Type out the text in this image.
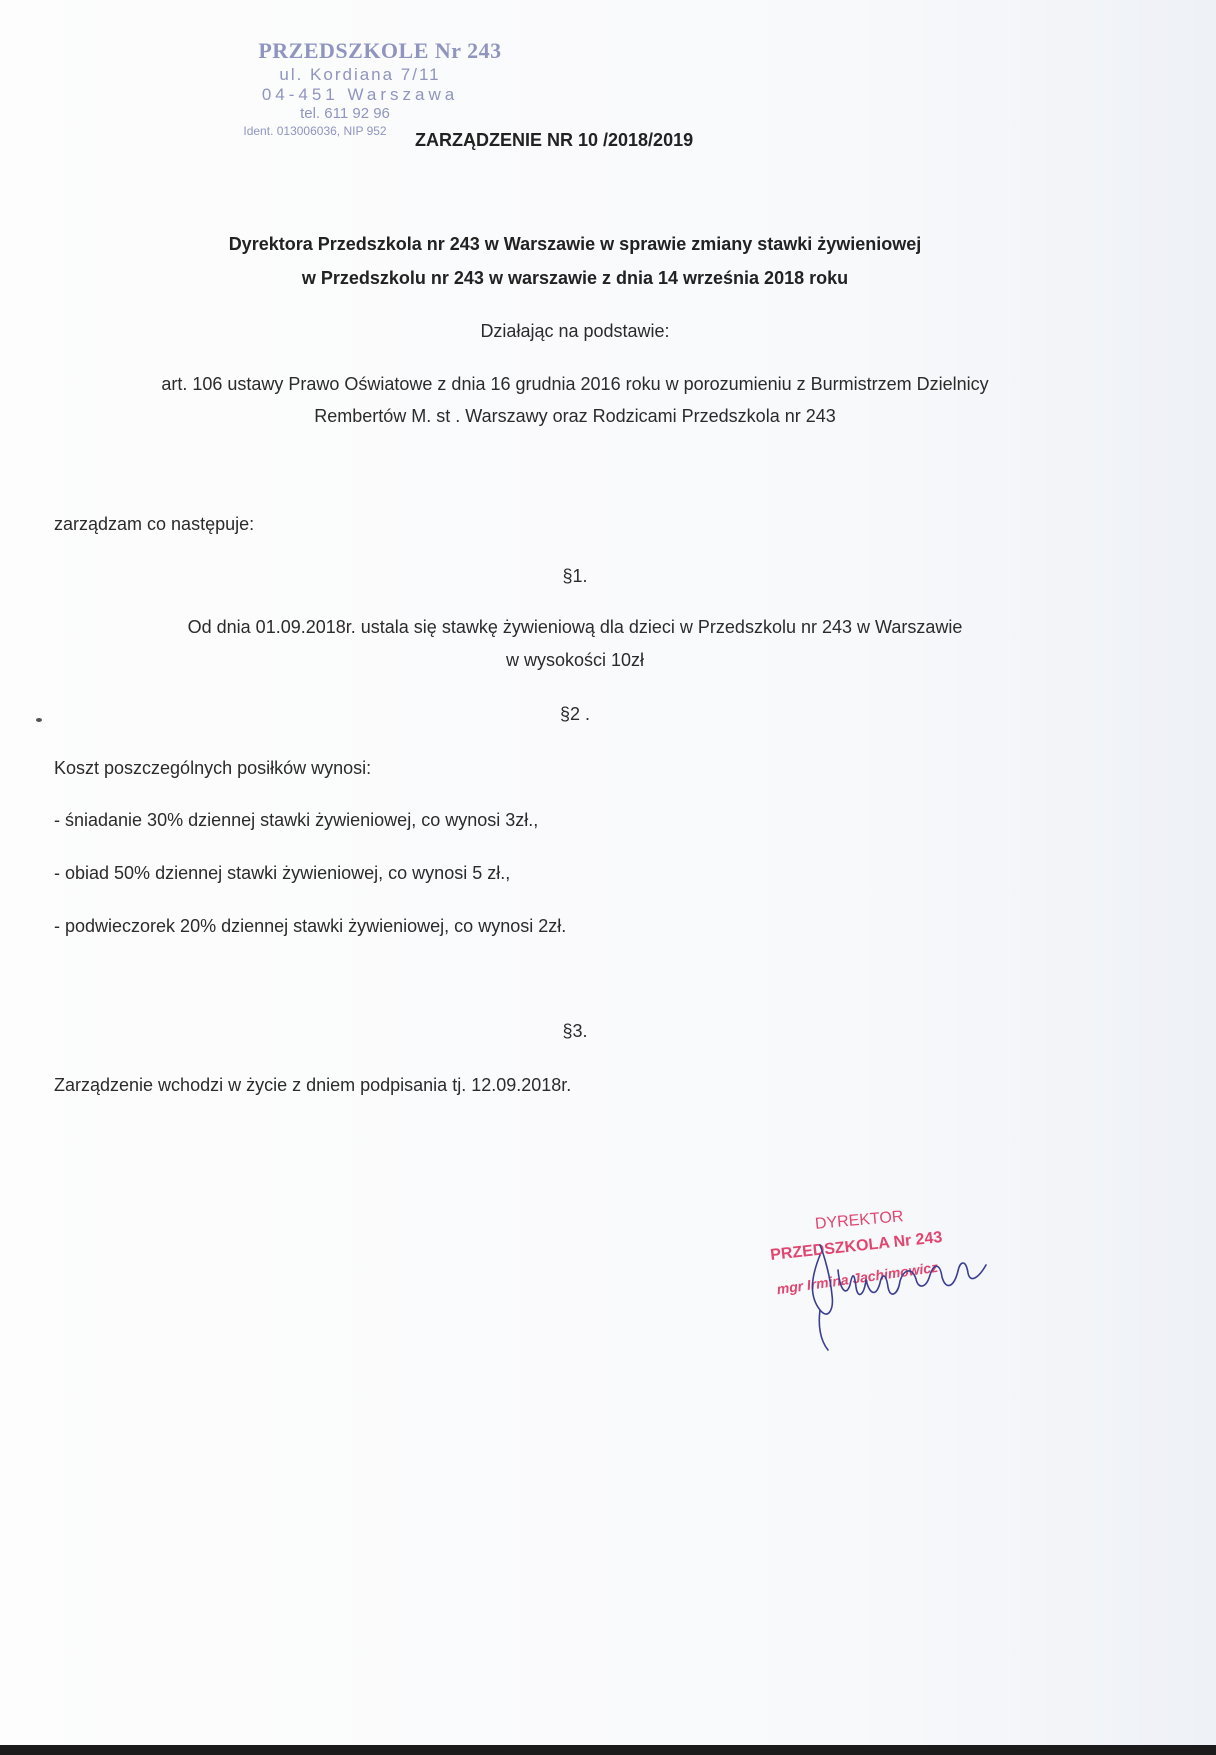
PRZEDSZKOLE Nr 243
ul. Kordiana 7/11
04-451 Warszawa
tel. 611 92 96
Ident. 013006036, NIP 952	ZARZĄDZENIE NR 10 /2018/2019
Dyrektora Przedszkola nr 243 w Warszawie w sprawie zmiany stawki żywieniowej
w Przedszkolu nr 243 w warszawie z dnia 14 września 2018 roku
Działając na podstawie:
art. 106 ustawy Prawo Oświatowe z dnia 16 grudnia 2016 roku w porozumieniu z Burmistrzem Dzielnicy
Rembertów M. st . Warszawy oraz Rodzicami Przedszkola nr 243
zarządzam co następuje:
§1.
Od dnia 01.09.2018r. ustala się stawkę żywieniową dla dzieci w Przedszkolu nr 243 w Warszawie
w wysokości 10zł
§2 .
Koszt poszczególnych posiłków wynosi:
- śniadanie 30% dziennej stawki żywieniowej, co wynosi 3zł.,
- obiad 50% dziennej stawki żywieniowej, co wynosi 5 zł.,
- podwieczorek 20% dziennej stawki żywieniowej, co wynosi 2zł.
§3.
Zarządzenie wchodzi w życie z dniem podpisania tj. 12.09.2018r.
DYREKTOR
PRZEDSZKOLA Nr 243
mgr Irmina Jachimowicz
